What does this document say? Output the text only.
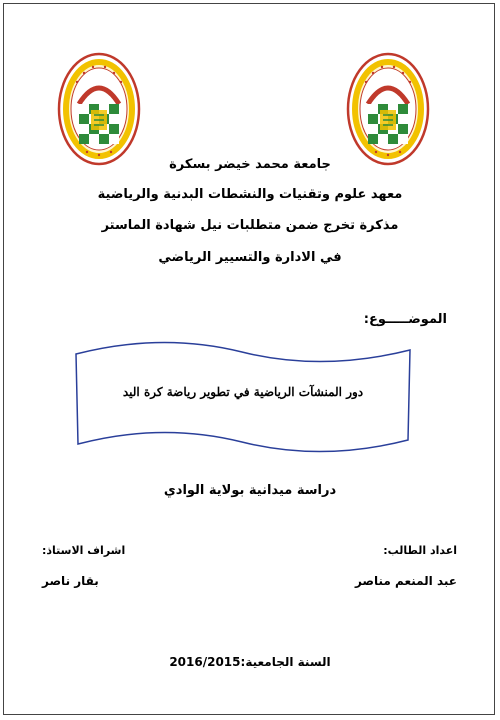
جامعة محمد خيضر بسكرة
معهد علوم وتقنيات والنشطات البدنية والرياضية
مذكرة تخرج ضمن متطلبات نيل شهادة الماستر
في الادارة والتسيير الرياضي
الموضـــــوع:
دور المنشآت الرياضية في تطوير رياضة كرة اليد
دراسة ميدانية بولاية الوادي
اعداد الطالب:
عبد المنعم مناصر
اشراف الاستاذ:
بقار ناصر
السنة الجامعية:2016/2015
